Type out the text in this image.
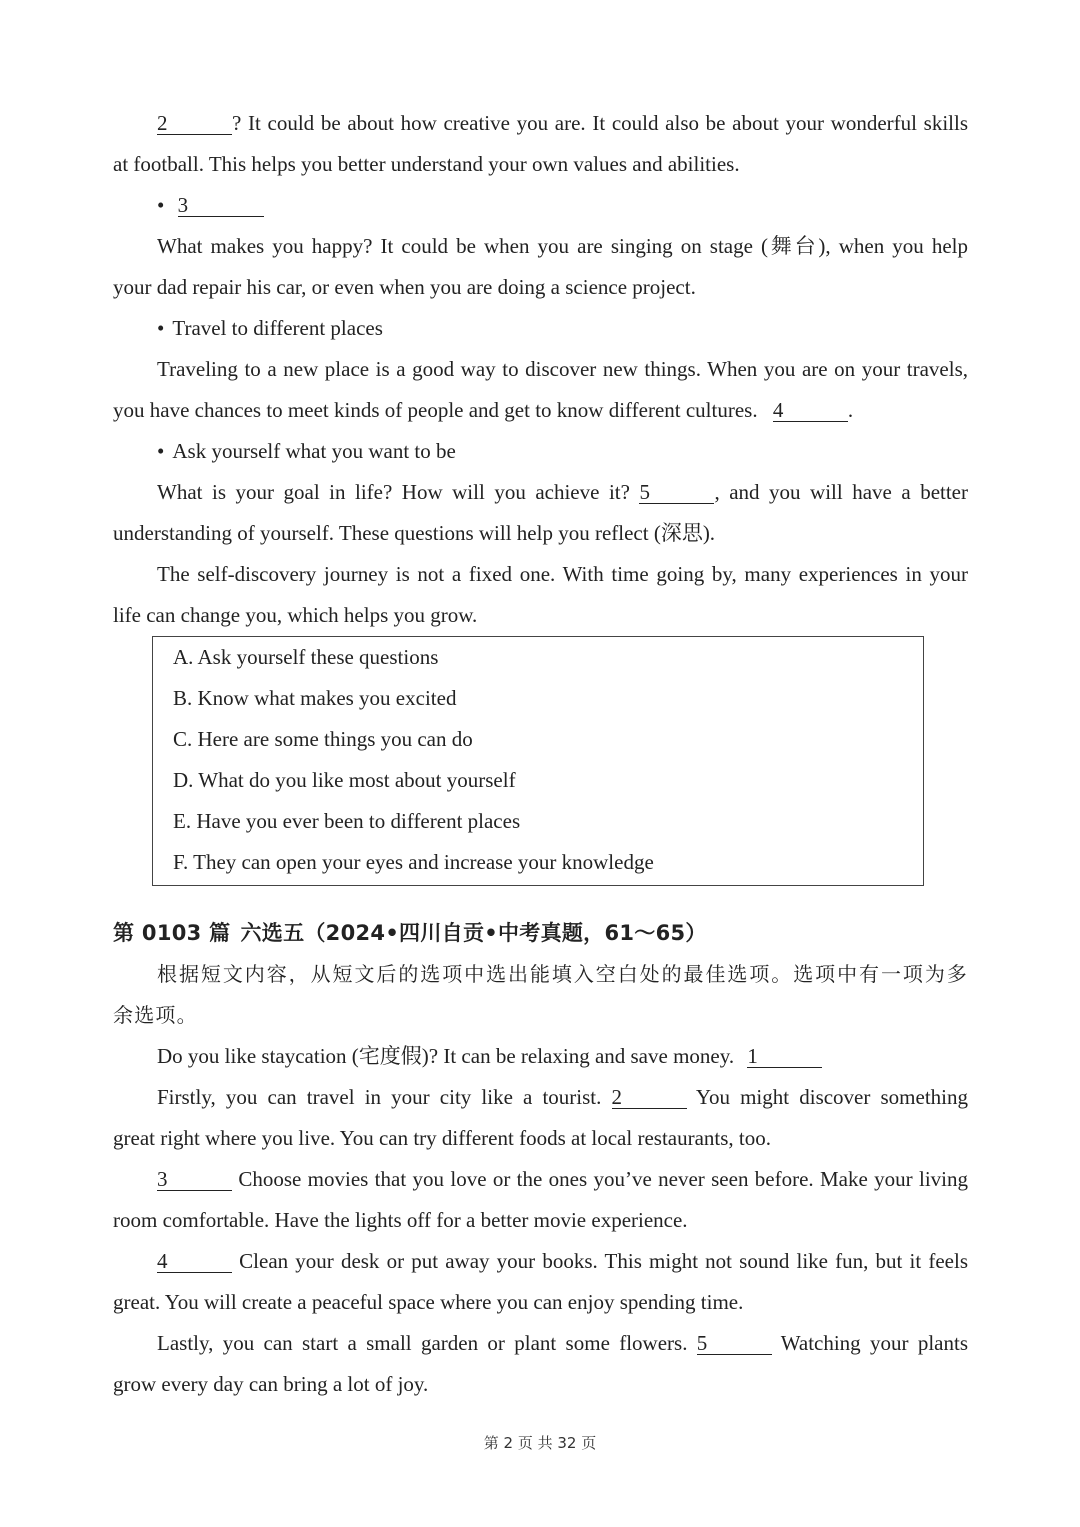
2	? It could be about how creative you are. It could also be about your wonderful skills
at football. This helps you better understand your own values and abilities.
• 3
What makes you happy? It could be when you are singing on stage (舞台), when you help
your dad repair his car, or even when you are doing a science project.
• Travel to different places
Traveling to a new place is a good way to discover new things. When you are on your travels,
you have chances to meet kinds of people and get to know different cultures. 4	.
• Ask yourself what you want to be
What is your goal in life? How will you achieve it? 5	, and you will have a better
understanding of yourself. These questions will help you reflect (深思).
The self-discovery journey is not a fixed one. With time going by, many experiences in your
life can change you, which helps you grow.
A. Ask yourself these questions
B. Know what makes you excited
C. Here are some things you can do
D. What do you like most about yourself
E. Have you ever been to different places
F. They can open your eyes and increase your knowledge
第 0103 篇 六选五（2024•四川自贡•中考真题，61～65）
根据短文内容，从短文后的选项中选出能填入空白处的最佳选项。选项中有一项为多
余选项。
Do you like staycation (宅度假)? It can be relaxing and save money. 1
Firstly, you can travel in your city like a tourist. 2	You might discover something
great right where you live. You can try different foods at local restaurants, too.
3	Choose movies that you love or the ones you’ve never seen before. Make your living
room comfortable. Have the lights off for a better movie experience.
4	Clean your desk or put away your books. This might not sound like fun, but it feels
great. You will create a peaceful space where you can enjoy spending time.
Lastly, you can start a small garden or plant some flowers. 5	Watching your plants
grow every day can bring a lot of joy.
第 2 页 共 32 页
